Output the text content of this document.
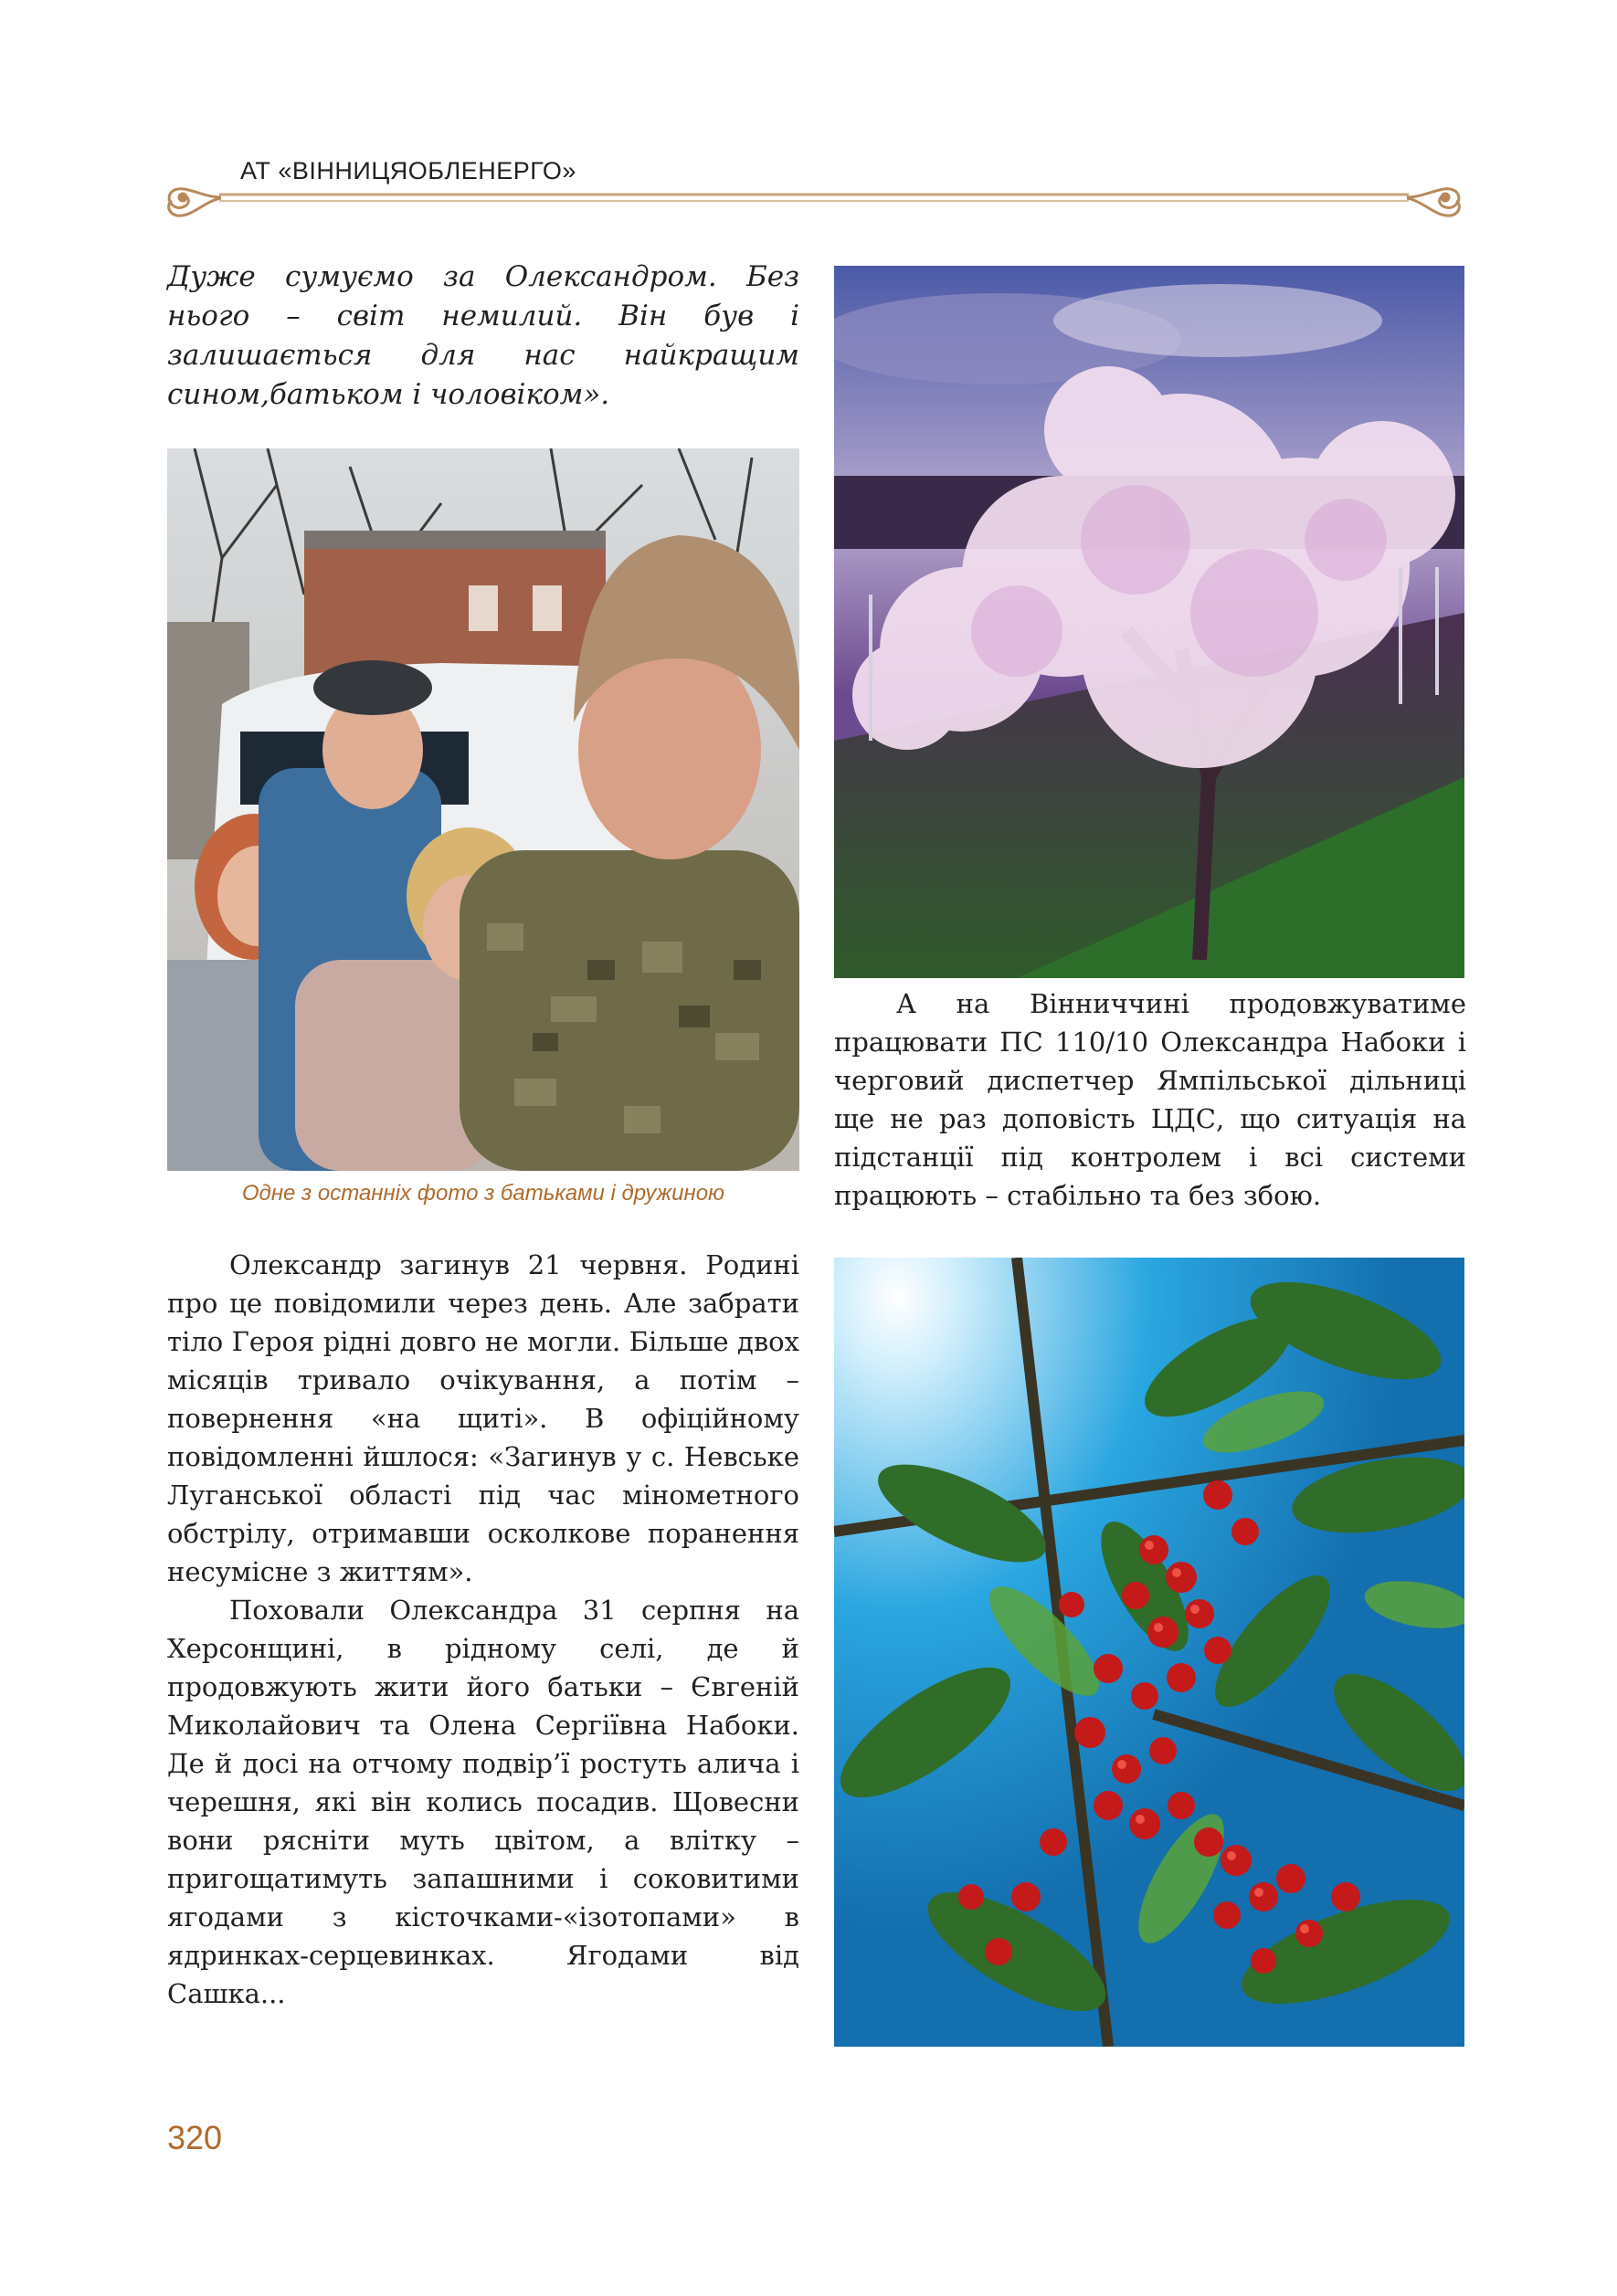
АТ «ВІННИЦЯОБЛЕНЕРГО»
Дуже сумуємо за Олександром. Без нього – світ немилий. Він був і залишається для нас найкращим сином,батьком і чоловіком».
Одне з останніх фото з батьками і дружиною

А на Вінниччині продовжуватиме працювати ПС 110/10 Олександра Набоки і черговий диспетчер Ямпільської дільниці ще не раз доповість ЦДС, що ситуація на підстанції під контролем і всі системи працюють – стабільно та без збою.

Олександр загинув 21 червня. Родині про це повідомили через день. Але забрати тіло Героя рідні довго не могли. Більше двох місяців тривало очікування, а потім – повернення «на щиті». В офіційному повідомленні йшлося: «Загинув у с. Невське Луганської області під час мінометного обстрілу, отримавши осколкове поранення несумісне з життям».

Поховали Олександра 31 серпня на Херсонщині, в рідному селі, де й продовжують жити його батьки – Євгеній Миколайович та Олена Сергіївна Набоки. Де й досі на отчому подвір’ї ростуть алича і черешня, які він колись посадив. Щовесни вони рясніти муть цвітом, а влітку – пригощатимуть запашними і соковитими ягодами з кісточками-«ізотопами» в ядринках-серцевинках. Ягодами від Сашка...

320
